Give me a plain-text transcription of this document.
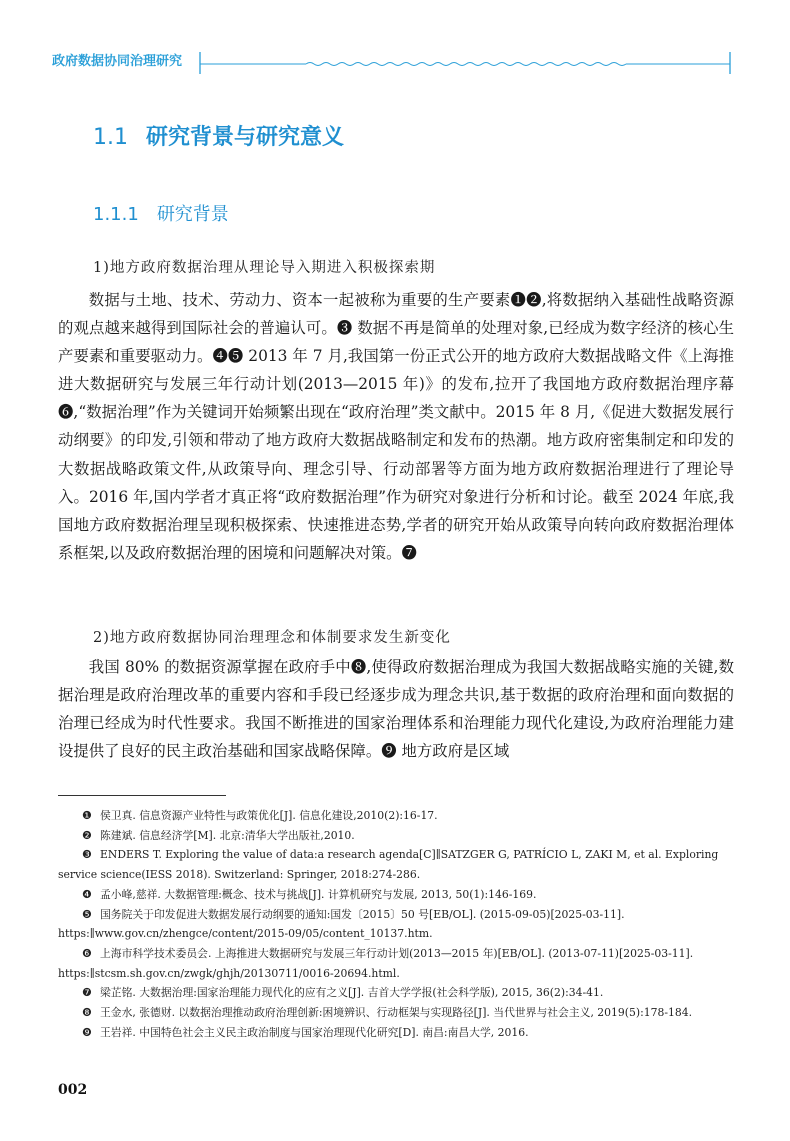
政府数据协同治理研究
1.1 研究背景与研究意义
1.1.1 研究背景
1)地方政府数据治理从理论导入期进入积极探索期
数据与土地、技术、劳动力、资本一起被称为重要的生产要素❶❷,将数据纳入基础性战略资源的观点越来越得到国际社会的普遍认可。❸ 数据不再是简单的处理对象,已经成为数字经济的核心生产要素和重要驱动力。❹❺ 2013 年 7 月,我国第一份正式公开的地方政府大数据战略文件《上海推进大数据研究与发展三年行动计划(2013—2015 年)》的发布,拉开了我国地方政府数据治理序幕❻,“数据治理”作为关键词开始频繁出现在“政府治理”类文献中。2015 年 8 月,《促进大数据发展行动纲要》的印发,引领和带动了地方政府大数据战略制定和发布的热潮。地方政府密集制定和印发的大数据战略政策文件,从政策导向、理念引导、行动部署等方面为地方政府数据治理进行了理论导入。2016 年,国内学者才真正将“政府数据治理”作为研究对象进行分析和讨论。截至 2024 年底,我国地方政府数据治理呈现积极探索、快速推进态势,学者的研究开始从政策导向转向政府数据治理体系框架,以及政府数据治理的困境和问题解决对策。❼
2)地方政府数据协同治理理念和体制要求发生新变化
我国 80% 的数据资源掌握在政府手中❽,使得政府数据治理成为我国大数据战略实施的关键,数据治理是政府治理改革的重要内容和手段已经逐步成为理念共识,基于数据的政府治理和面向数据的治理已经成为时代性要求。我国不断推进的国家治理体系和治理能力现代化建设,为政府治理能力建设提供了良好的民主政治基础和国家战略保障。❾ 地方政府是区域

❶ 侯卫真. 信息资源产业特性与政策优化[J]. 信息化建设,2010(2):16-17.

❷ 陈建斌. 信息经济学[M]. 北京:清华大学出版社,2010.

❸ ENDERS T. Exploring the value of data:a research agenda[C]∥SATZGER G, PATRÍCIO L, ZAKI M, et al. Exploring service science(IESS 2018). Switzerland: Springer, 2018:274-286.

❹ 孟小峰,慈祥. 大数据管理:概念、技术与挑战[J]. 计算机研究与发展, 2013, 50(1):146-169.

❺ 国务院关于印发促进大数据发展行动纲要的通知:国发〔2015〕50 号[EB/OL]. (2015-09-05)[2025-03-11]. https:∥www.gov.cn/zhengce/content/2015-09/05/content_10137.htm.

❻ 上海市科学技术委员会. 上海推进大数据研究与发展三年行动计划(2013—2015 年)[EB/OL]. (2013-07-11)[2025-03-11]. https:∥stcsm.sh.gov.cn/zwgk/ghjh/20130711/0016-20694.html.

❼ 梁芷铭. 大数据治理:国家治理能力现代化的应有之义[J]. 吉首大学学报(社会科学版), 2015, 36(2):34-41.

❽ 王金水, 张德财. 以数据治理推动政府治理创新:困境辨识、行动框架与实现路径[J]. 当代世界与社会主义, 2019(5):178-184.

❾ 王岩祥. 中国特色社会主义民主政治制度与国家治理现代化研究[D]. 南昌:南昌大学, 2016.

002
